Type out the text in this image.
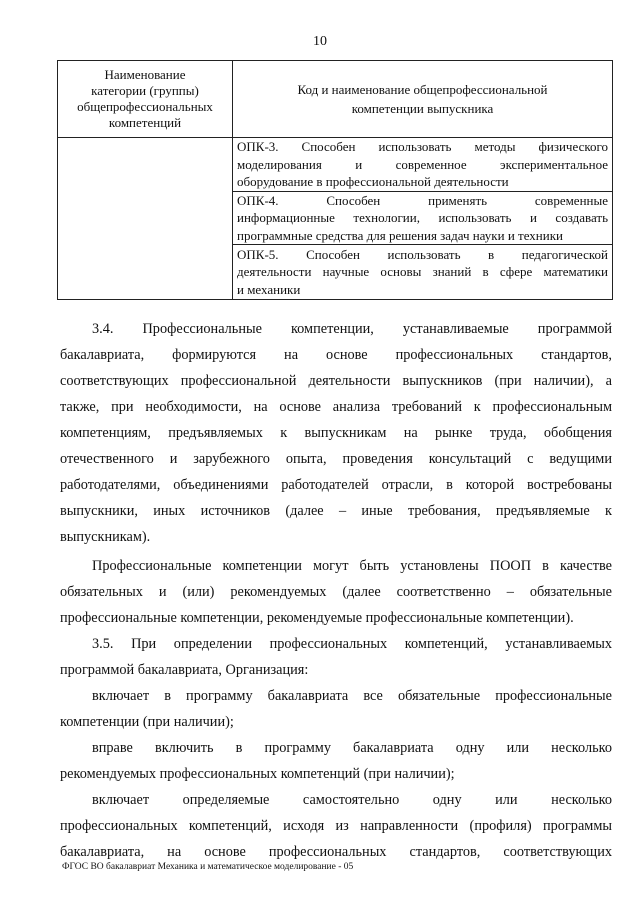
10
Наименование
категории (группы)
общепрофессиональных
компетенций	Код и наименование общепрофессиональной
компетенции выпускника

	ОПК-3. Способен использовать методы физического
моделирования и современное экспериментальное
оборудование в профессиональной деятельности

	ОПК-4. Способен применять современные
информационные технологии, использовать и создавать
программные средства для решения задач науки и техники

	ОПК-5. Способен использовать в педагогической
деятельности научные основы знаний в сфере математики
и механики
3.4. Профессиональные компетенции, устанавливаемые программой
бакалавриата, формируются на основе профессиональных стандартов,
соответствующих профессиональной деятельности выпускников (при наличии), а
также, при необходимости, на основе анализа требований к профессиональным
компетенциям, предъявляемых к выпускникам на рынке труда, обобщения
отечественного и зарубежного опыта, проведения консультаций с ведущими
работодателями, объединениями работодателей отрасли, в которой востребованы
выпускники, иных источников (далее – иные требования, предъявляемые к
выпускникам).
Профессиональные компетенции могут быть установлены ПООП в качестве
обязательных и (или) рекомендуемых (далее соответственно – обязательные
профессиональные компетенции, рекомендуемые профессиональные компетенции).
3.5. При определении профессиональных компетенций, устанавливаемых
программой бакалавриата, Организация:
включает в программу бакалавриата все обязательные профессиональные
компетенции (при наличии);
вправе включить в программу бакалавриата одну или несколько
рекомендуемых профессиональных компетенций (при наличии);
включает определяемые самостоятельно одну или несколько
профессиональных компетенций, исходя из направленности (профиля) программы
бакалавриата, на основе профессиональных стандартов, соответствующих
ФГОС ВО бакалавриат Механика и математическое моделирование - 05
